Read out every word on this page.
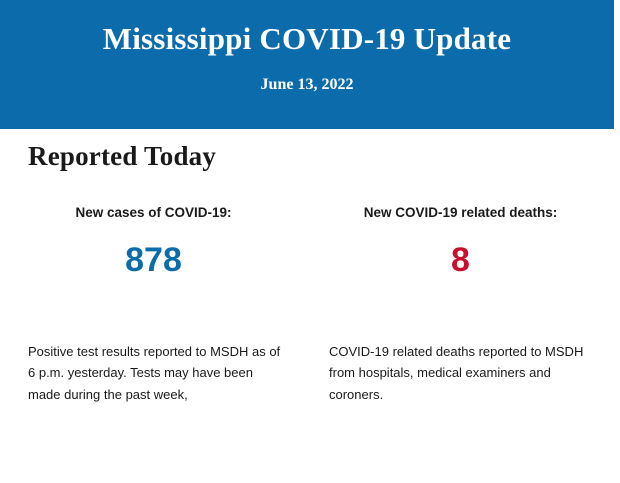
Mississippi COVID-19 Update
June 13, 2022
Reported Today
New cases of COVID-19:
878
New COVID-19 related deaths:
8
Positive test results reported to MSDH as of 6 p.m. yesterday. Tests may have been made during the past week,
COVID-19 related deaths reported to MSDH from hospitals, medical examiners and coroners.
